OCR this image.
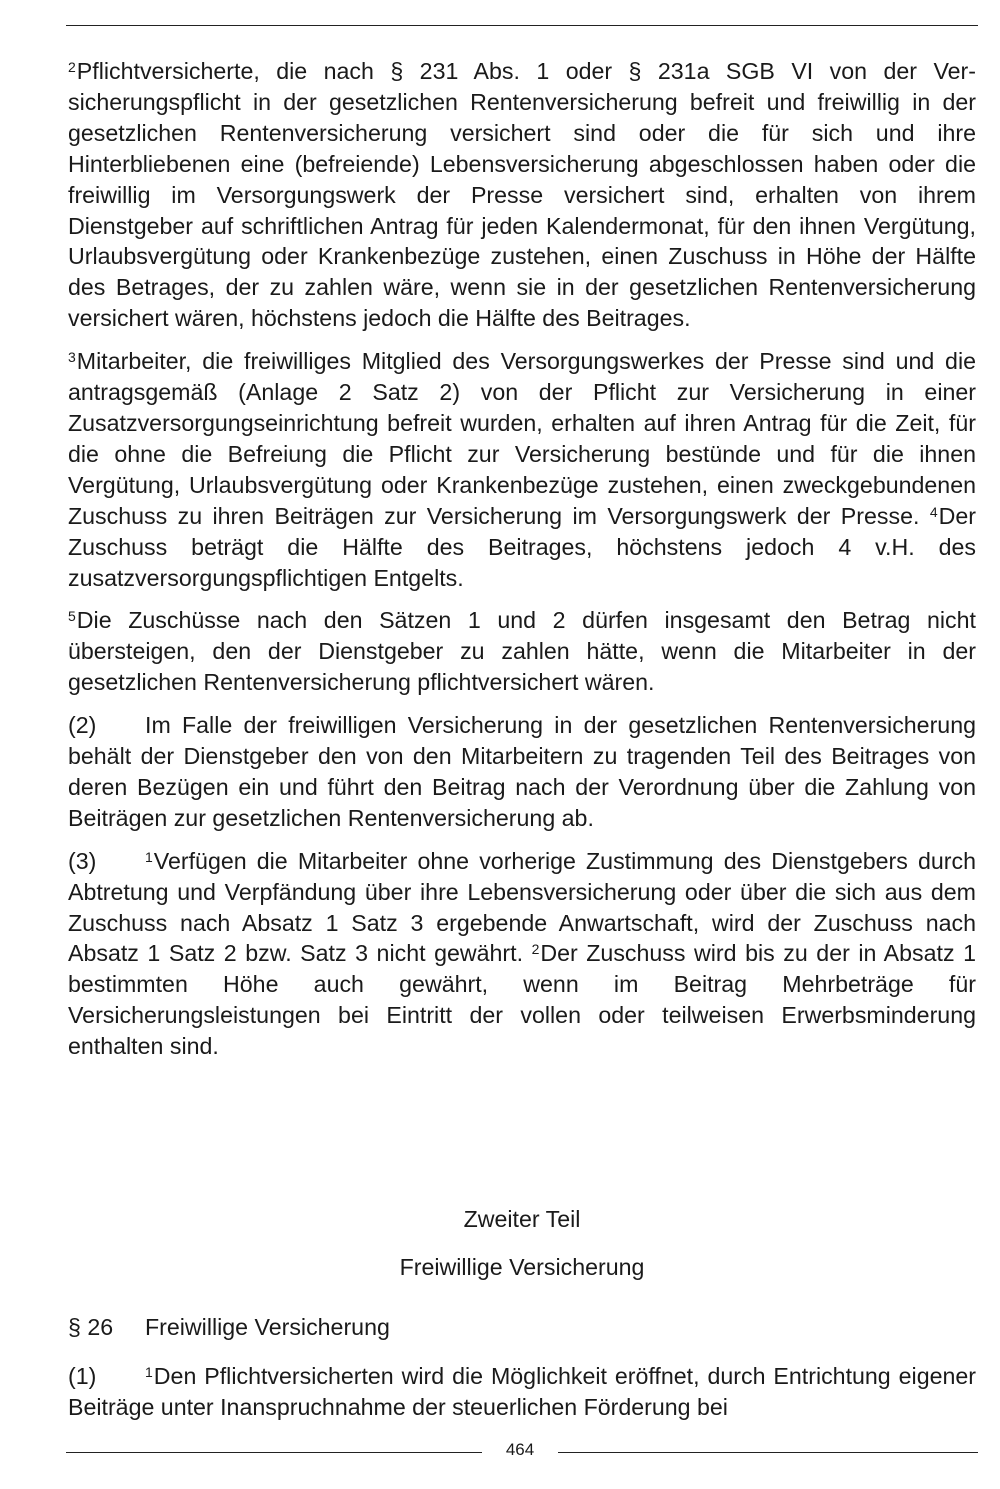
$^2$Pflichtversicherte, die nach § 231 Abs. 1 oder § 231a SGB VI von der Versicherungspflicht in der gesetzlichen Rentenversicherung befreit und freiwillig in der gesetzlichen Rentenversicherung versichert sind oder die für sich und ihre Hinterbliebenen eine (befreiende) Lebensversicherung abgeschlossen haben oder die freiwillig im Versorgungswerk der Presse versichert sind, erhalten von ihrem Dienstgeber auf schriftlichen Antrag für jeden Kalendermonat, für den ihnen Vergütung, Urlaubsvergütung oder Krankenbezüge zustehen, einen Zuschuss in Höhe der Hälfte des Betrages, der zu zahlen wäre, wenn sie in der gesetzlichen Rentenversicherung versichert wären, höchstens jedoch die Hälfte des Beitrages.

$^3$Mitarbeiter, die freiwilliges Mitglied des Versorgungswerkes der Presse sind und die antragsgemäß (Anlage 2 Satz 2) von der Pflicht zur Versicherung in einer Zusatzversorgungseinrichtung befreit wurden, erhalten auf ihren Antrag für die Zeit, für die ohne die Befreiung die Pflicht zur Versicherung bestünde und für die ihnen Vergütung, Urlaubsvergütung oder Krankenbezüge zustehen, einen zweckgebundenen Zuschuss zu ihren Beiträgen zur Versicherung im Versorgungswerk der Presse. $^4$Der Zuschuss beträgt die Hälfte des Beitrages, höchstens jedoch 4 v.H. des zusatzversorgungspflichtigen Entgelts.

$^5$Die Zuschüsse nach den Sätzen 1 und 2 dürfen insgesamt den Betrag nicht übersteigen, den der Dienstgeber zu zahlen hätte, wenn die Mitarbeiter in der gesetzlichen Rentenversicherung pflichtversichert wären.

(2) Im Falle der freiwilligen Versicherung in der gesetzlichen Rentenversicherung behält der Dienstgeber den von den Mitarbeitern zu tragenden Teil des Beitrages von deren Bezügen ein und führt den Beitrag nach der Verordnung über die Zahlung von Beiträgen zur gesetzlichen Rentenversicherung ab.

(3)	$^1$Verfügen die Mitarbeiter ohne vorherige Zustimmung des Dienstgebers durch Abtretung und Verpfändung über ihre Lebensversicherung oder über die sich aus dem Zuschuss nach Absatz 1 Satz 3 ergebende Anwartschaft, wird der Zuschuss nach Absatz 1 Satz 2 bzw. Satz 3 nicht gewährt. $^2$Der Zuschuss wird bis zu der in Absatz 1 bestimmten Höhe auch gewährt, wenn im Beitrag Mehrbeträge für Versicherungsleistungen bei Eintritt der vollen oder teilweisen Erwerbsminderung enthalten sind.

Zweiter Teil
Freiwillige Versicherung
§ 26 Freiwillige Versicherung
(1)	$^1$Den Pflichtversicherten wird die Möglichkeit eröffnet, durch Entrichtung eigener Beiträge unter Inanspruchnahme der steuerlichen Förderung bei
464
